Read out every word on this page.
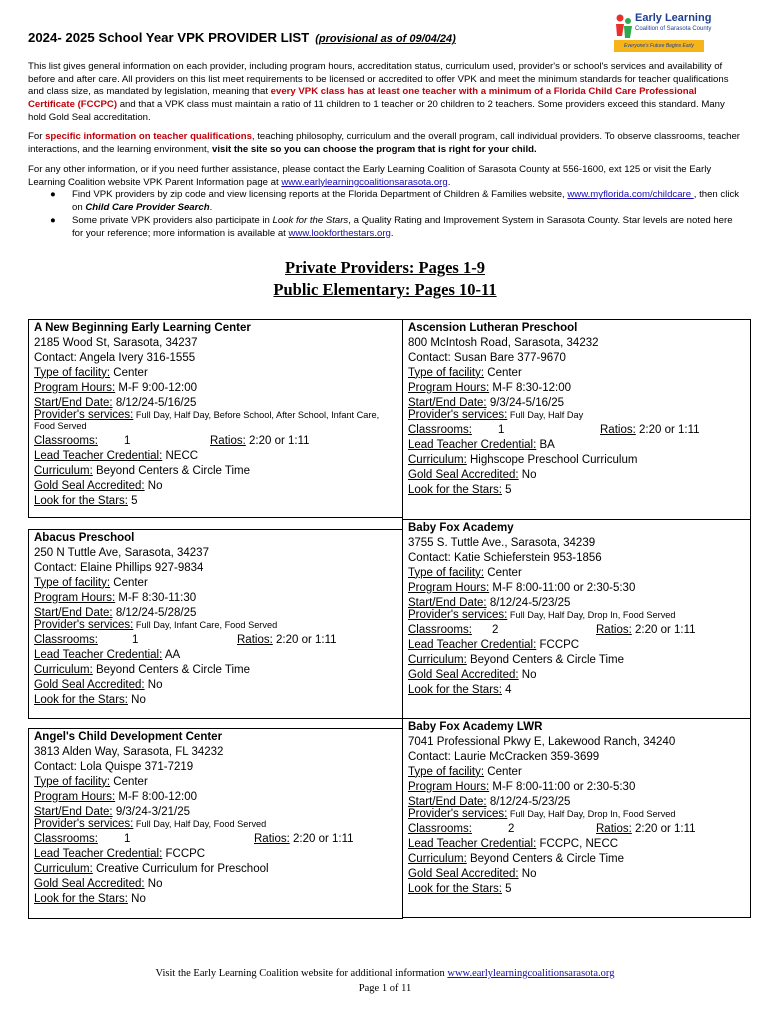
2024- 2025 School Year VPK PROVIDER LIST (provisional as of 09/04/24)
Early Learning
Coalition of Sarasota County
Everyone's Future Begins Early

This list gives general information on each provider, including program hours, accreditation status, curriculum used, provider's or school's services and availability of before and after care. All providers on this list meet requirements to be licensed or accredited to offer VPK and meet the minimum standards for teacher qualifications and class size, as mandated by legislation, meaning that every VPK class has at least one teacher with a minimum of a Florida Child Care Professional Certificate (FCCPC) and that a VPK class must maintain a ratio of 11 children to 1 teacher or 20 children to 2 teachers. Some providers exceed this standard. Many hold Gold Seal accreditation.

For specific information on teacher qualifications, teaching philosophy, curriculum and the overall program, call individual providers. To observe classrooms, teacher interactions, and the learning environment, visit the site so you can choose the program that is right for your child.

For any other information, or if you need further assistance, please contact the Early Learning Coalition of Sarasota County at 556-1600, ext 125 or visit the Early Learning Coalition website VPK Parent Information page at www.earlylearningcoalitionsarasota.org.

● Find VPK providers by zip code and view licensing reports at the Florida Department of Children & Families website, www.myflorida.com/childcare , then click on Child Care Provider Search.
● Some private VPK providers also participate in Look for the Stars, a Quality Rating and Improvement System in Sarasota County. Star levels are noted here for your reference; more information is available at www.lookforthestars.org.
Private Providers: Pages 1-9
Public Elementary: Pages 10-11
A New Beginning Early Learning Center
2185 Wood St, Sarasota, 34237
Contact: Angela Ivery 316-1555
Type of facility: Center
Program Hours: M-F 9:00-12:00
Start/End Date: 8/12/24-5/16/25
Provider's services: Full Day, Half Day, Before School, After School, Infant Care, Food Served
Classrooms: 1	Ratios: 2:20 or 1:11
Lead Teacher Credential: NECC
Curriculum: Beyond Centers & Circle Time
Gold Seal Accredited: No
Look for the Stars: 5
Ascension Lutheran Preschool
800 McIntosh Road, Sarasota, 34232
Contact: Susan Bare 377-9670
Type of facility: Center
Program Hours: M-F 8:30-12:00
Start/End Date: 9/3/24-5/16/25
Provider's services: Full Day, Half Day
Classrooms: 1	Ratios: 2:20 or 1:11
Lead Teacher Credential: BA
Curriculum: Highscope Preschool Curriculum
Gold Seal Accredited: No
Look for the Stars: 5
Abacus Preschool
250 N Tuttle Ave, Sarasota, 34237
Contact: Elaine Phillips 927-9834
Type of facility: Center
Program Hours: M-F 8:30-11:30
Start/End Date: 8/12/24-5/28/25
Provider's services: Full Day, Infant Care, Food Served
Classrooms:	1	Ratios: 2:20 or 1:11
Lead Teacher Credential: AA
Curriculum: Beyond Centers & Circle Time
Gold Seal Accredited: No
Look for the Stars: No
Baby Fox Academy
3755 S. Tuttle Ave., Sarasota, 34239
Contact: Katie Schieferstein 953-1856
Type of facility: Center
Program Hours: M-F 8:00-11:00 or 2:30-5:30
Start/End Date: 8/12/24-5/23/25
Provider's services: Full Day, Half Day, Drop In, Food Served
Classrooms: 2	Ratios: 2:20 or 1:11
Lead Teacher Credential: FCCPC
Curriculum: Beyond Centers & Circle Time
Gold Seal Accredited: No
Look for the Stars: 4
Angel's Child Development Center
3813 Alden Way, Sarasota, FL 34232
Contact: Lola Quispe 371-7219
Type of facility: Center
Program Hours: M-F 8:00-12:00
Start/End Date: 9/3/24-3/21/25
Provider's services: Full Day, Half Day, Food Served
Classrooms: 1	Ratios: 2:20 or 1:11
Lead Teacher Credential: FCCPC
Curriculum: Creative Curriculum for Preschool
Gold Seal Accredited: No
Look for the Stars: No
Baby Fox Academy LWR
7041 Professional Pkwy E, Lakewood Ranch, 34240
Contact: Laurie McCracken 359-3699
Type of facility: Center
Program Hours: M-F 8:00-11:00 or 2:30-5:30
Start/End Date: 8/12/24-5/23/25
Provider's services: Full Day, Half Day, Drop In, Food Served
Classrooms:	2	Ratios: 2:20 or 1:11
Lead Teacher Credential: FCCPC, NECC
Curriculum: Beyond Centers & Circle Time
Gold Seal Accredited: No
Look for the Stars: 5
Visit the Early Learning Coalition website for additional information www.earlylearningcoalitionsarasota.org
Page 1 of 11
